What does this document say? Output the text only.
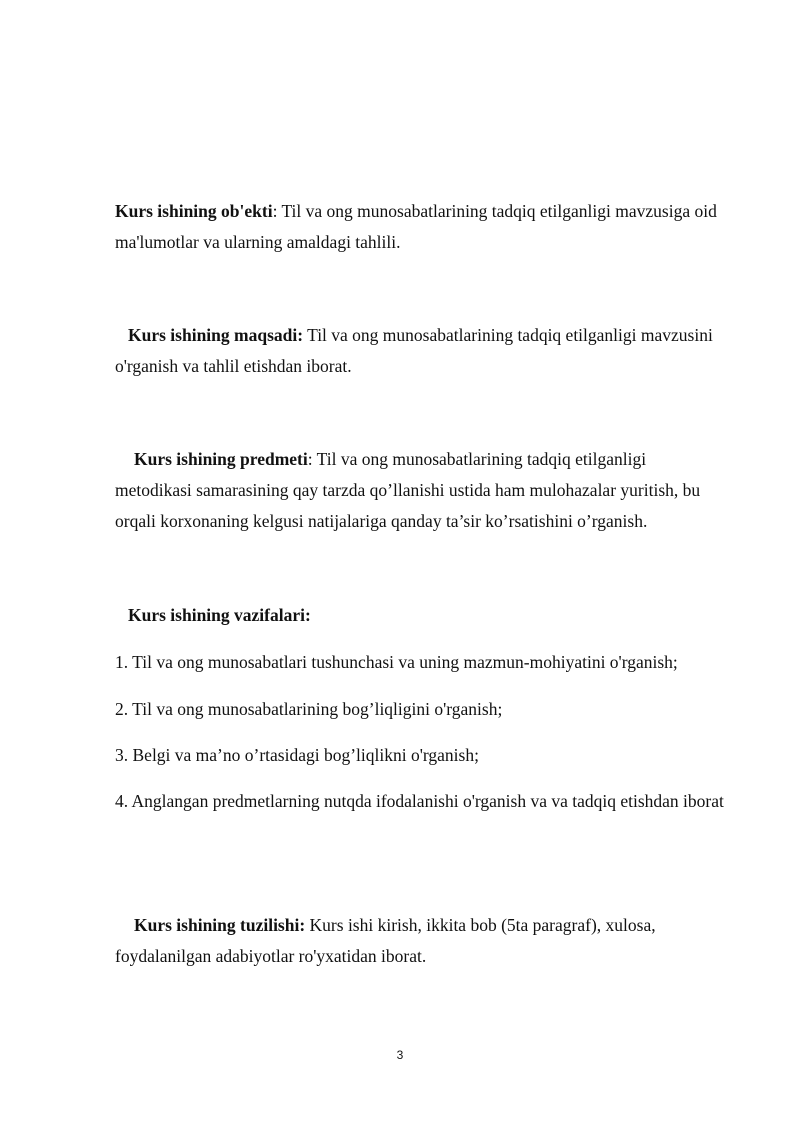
Kurs ishining ob'ekti: Til va ong munosabatlarining tadqiq etilganligi mavzusiga oid ma'lumotlar va ularning amaldagi tahlili.

Kurs ishining maqsadi: Til va ong munosabatlarining tadqiq etilganligi mavzusini o'rganish va tahlil etishdan iborat.

Kurs ishining predmeti: Til va ong munosabatlarining tadqiq etilganligi metodikasi samarasining qay tarzda qo’llanishi ustida ham mulohazalar yuritish, bu orqali korxonaning kelgusi natijalariga qanday ta’sir ko’rsatishini o’rganish.

Kurs ishining vazifalari:

1. Til va ong munosabatlari tushunchasi va uning mazmun-mohiyatini o'rganish;

2. Til va ong munosabatlarining bog’liqligini o'rganish;

3. Belgi va ma’no o’rtasidagi bog’liqlikni o'rganish;

4. Anglangan predmetlarning nutqda ifodalanishi o'rganish va va tadqiq etishdan iborat

Kurs ishining tuzilishi: Kurs ishi kirish, ikkita bob (5ta paragraf), xulosa, foydalanilgan adabiyotlar ro'yxatidan iborat.

3
